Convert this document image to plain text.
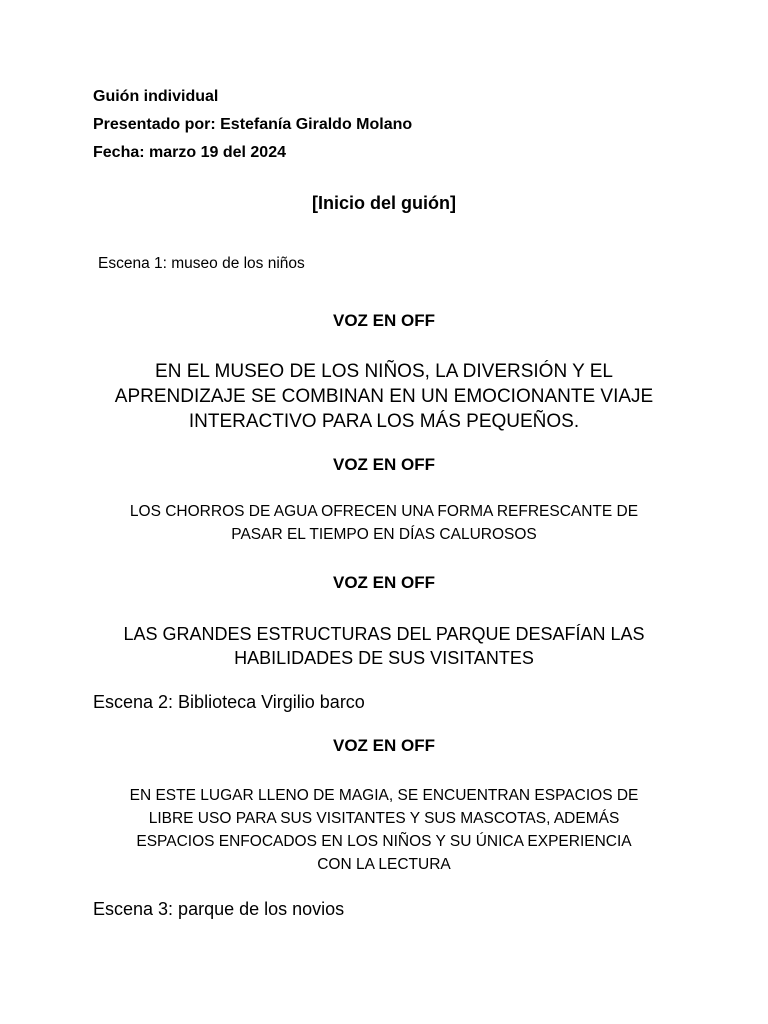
Guión individual
Presentado por: Estefanía Giraldo Molano
Fecha: marzo 19 del 2024
[Inicio del guión]
Escena 1: museo de los niños
VOZ EN OFF
EN EL MUSEO DE LOS NIÑOS, LA DIVERSIÓN Y EL
APRENDIZAJE SE COMBINAN EN UN EMOCIONANTE VIAJE
INTERACTIVO PARA LOS MÁS PEQUEÑOS.
VOZ EN OFF
LOS CHORROS DE AGUA OFRECEN UNA FORMA REFRESCANTE DE
PASAR EL TIEMPO EN DÍAS CALUROSOS
VOZ EN OFF
LAS GRANDES ESTRUCTURAS DEL PARQUE DESAFÍAN LAS
HABILIDADES DE SUS VISITANTES
Escena 2: Biblioteca Virgilio barco
VOZ EN OFF
EN ESTE LUGAR LLENO DE MAGIA, SE ENCUENTRAN ESPACIOS DE
LIBRE USO PARA SUS VISITANTES Y SUS MASCOTAS, ADEMÁS
ESPACIOS ENFOCADOS EN LOS NIÑOS Y SU ÚNICA EXPERIENCIA
CON LA LECTURA
Escena 3: parque de los novios
